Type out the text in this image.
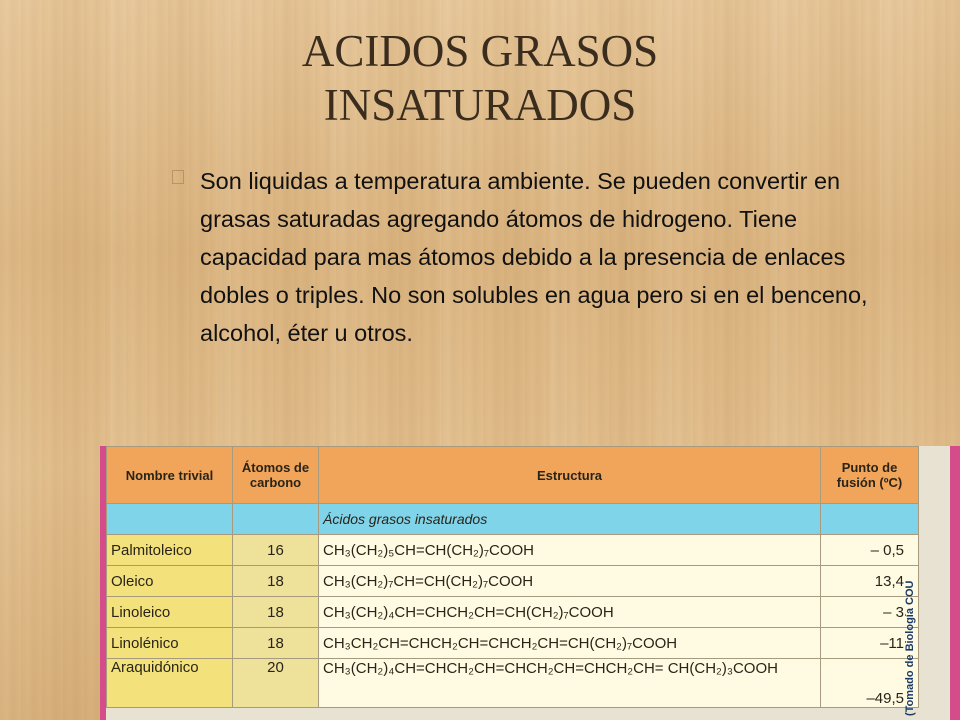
ACIDOS GRASOS
INSATURADOS

Son liquidas a temperatura ambiente. Se pueden convertir en grasas saturadas agregando átomos de hidrogeno. Tiene capacidad para mas átomos debido a la presencia de enlaces dobles o triples. No son solubles en agua pero si en el benceno, alcohol, éter u otros.

Nombre trivial	Átomos de carbono	Estructura	Punto de fusión (ºC)
		Ácidos grasos insaturados	
Palmitoleico	16	CH₃(CH₂)₅CH=CH(CH₂)₇COOH	– 0,5
Oleico	18	CH₃(CH₂)₇CH=CH(CH₂)₇COOH	13,4
Linoleico	18	CH₃(CH₂)₄CH=CHCH₂CH=CH(CH₂)₇COOH	– 3
Linolénico	18	CH₃CH₂CH=CHCH₂CH=CHCH₂CH=CH(CH₂)₇COOH	–11
Araquidónico	20	CH₃(CH₂)₄CH=CHCH₂CH=CHCH₂CH=CHCH₂CH= CH(CH₂)₃COOH	–49,5 (Tomado de Biología COU
